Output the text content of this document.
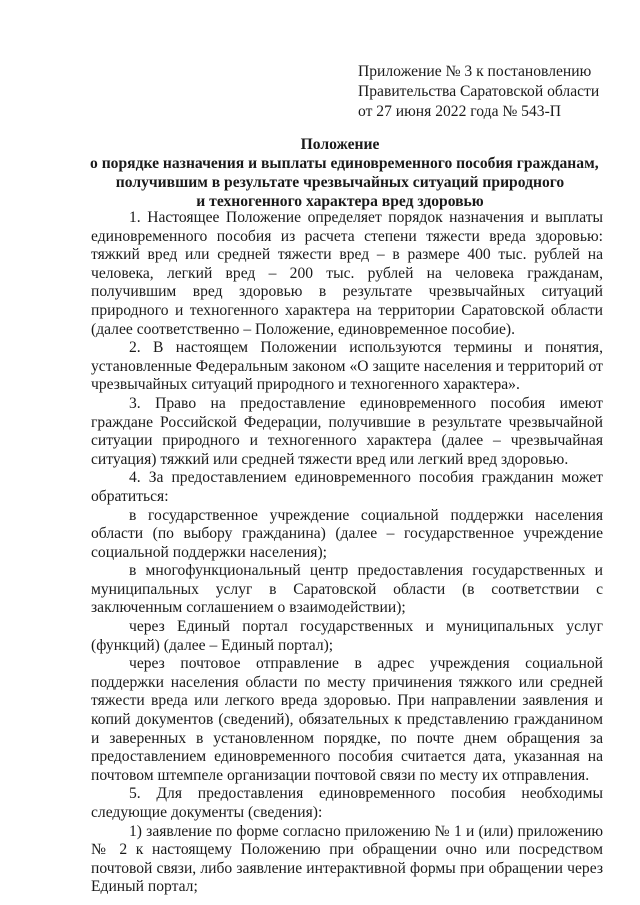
Приложение № 3 к постановлению
Правительства Саратовской области
от 27 июня 2022 года № 543-П
Положение
о порядке назначения и выплаты единовременного пособия гражданам,
получившим в результате чрезвычайных ситуаций природного
и техногенного характера вред здоровью

1. Настоящее Положение определяет порядок назначения и выплаты единовременного пособия из расчета степени тяжести вреда здоровью: тяжкий вред или средней тяжести вред – в размере 400 тыс. рублей на человека, легкий вред – 200 тыс. рублей на человека гражданам, получившим вред здоровью в результате чрезвычайных ситуаций природного и техногенного характера на территории Саратовской области (далее соответственно – Положение, единовременное пособие).

2. В настоящем Положении используются термины и понятия, установленные Федеральным законом «О защите населения и территорий от чрезвычайных ситуаций природного и техногенного характера».

3. Право на предоставление единовременного пособия имеют граждане Российской Федерации, получившие в результате чрезвычайной ситуации природного и техногенного характера (далее – чрезвычайная ситуация) тяжкий или средней тяжести вред или легкий вред здоровью.

4. За предоставлением единовременного пособия гражданин может обратиться:

в государственное учреждение социальной поддержки населения области (по выбору гражданина) (далее – государственное учреждение социальной поддержки населения);

в многофункциональный центр предоставления государственных и муниципальных услуг в Саратовской области (в соответствии с заключенным соглашением о взаимодействии);

через Единый портал государственных и муниципальных услуг (функций) (далее – Единый портал);

через почтовое отправление в адрес учреждения социальной поддержки населения области по месту причинения тяжкого или средней тяжести вреда или легкого вреда здоровью. При направлении заявления и копий документов (сведений), обязательных к представлению гражданином и заверенных в установленном порядке, по почте днем обращения за предоставлением единовременного пособия считается дата, указанная на почтовом штемпеле организации почтовой связи по месту их отправления.

5. Для предоставления единовременного пособия необходимы следующие документы (сведения):

1) заявление по форме согласно приложению № 1 и (или) приложению № 2 к настоящему Положению при обращении очно или посредством почтовой связи, либо заявление интерактивной формы при обращении через Единый портал;
